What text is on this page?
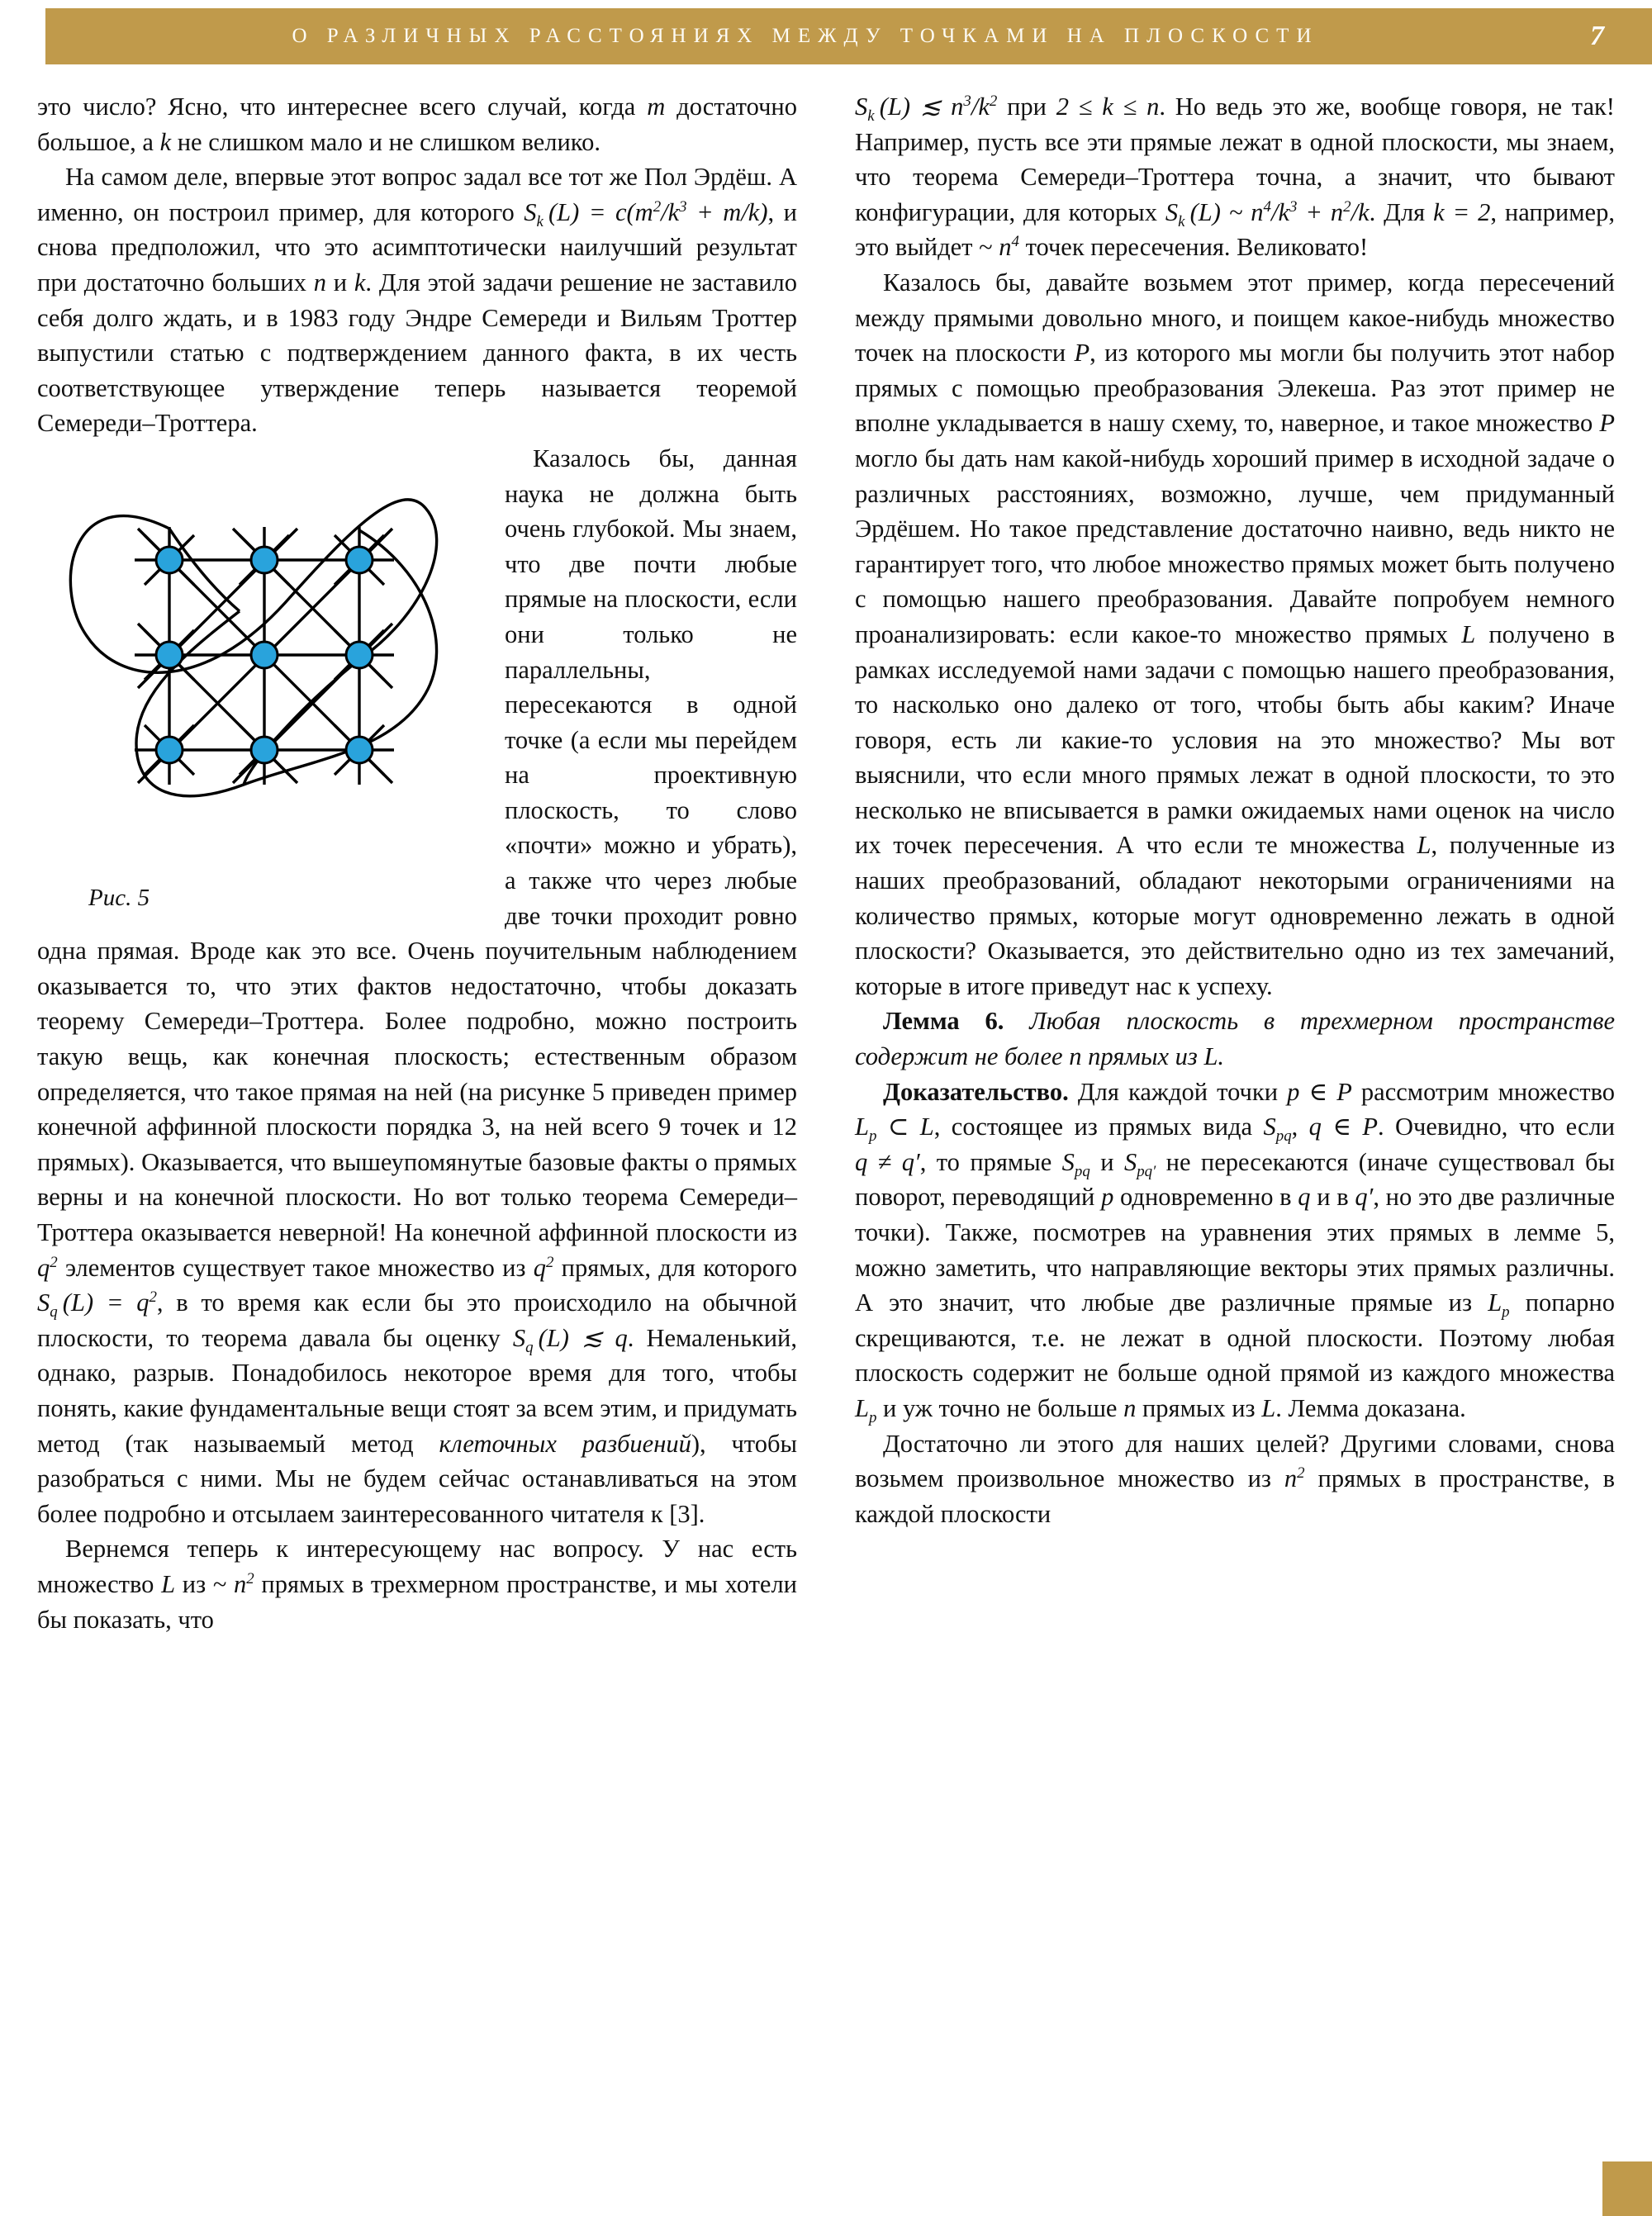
О РАЗЛИЧНЫХ РАССТОЯНИЯХ МЕЖДУ ТОЧКАМИ НА ПЛОСКОСТИ	7

это число? Ясно, что интереснее всего случай, когда m достаточно большое, а k не слишком мало и не слишком велико.

На самом деле, впервые этот вопрос задал все тот же Пол Эрдёш. А именно, он построил пример, для которого $S_k$ $(L) = c(m^2/k^3 + m/k)$, и снова предположил, что это асимптотически наилучший результат при достаточно больших n и k. Для этой задачи решение не заставило себя долго ждать, и в 1983 году Эндре Семереди и Вильям Троттер выпустили статью с подтверждением данного факта, в их честь соответствующее утверждение теперь называется теоремой Семереди–Троттера.

Рис. 5
Казалось бы, данная наука не должна быть очень глубокой. Мы знаем, что две почти любые прямые на плоскости, если они только не параллельны, пересекаются в одной точке (а если мы перейдем на проективную плоскость, то слово «почти» можно и убрать), а также что через любые две точки проходит ровно одна прямая. Вроде как это все. Очень поучительным наблюдением оказывается то, что этих фактов недостаточно, чтобы доказать теорему Семереди–Троттера. Более подробно, можно построить такую вещь, как конечная плоскость; естественным образом определяется, что такое прямая на ней (на рисунке 5 приведен пример конечной аффинной плоскости порядка 3, на ней всего 9 точек и 12 прямых). Оказывается, что вышеупомянутые базовые факты о прямых верны и на конечной плоскости. Но вот только теорема Семереди–Троттера оказывается неверной! На конечной аффинной плоскости из $q^2$ элементов существует такое множество из $q^2$ прямых, для которого $S_q$ $(L) = q^2$, в то время как если бы это происходило на обычной плоскости, то теорема давала бы оценку $S_q$ (L) ≲ q. Немаленький, однако, разрыв. Понадобилось некоторое время для того, чтобы понять, какие фундаментальные вещи стоят за всем этим, и придумать метод (так называемый метод клеточных разбиений), чтобы разобраться с ними. Мы не будем сейчас останавливаться на этом более подробно и отсылаем заинтересованного читателя к [3].

Вернемся теперь к интересующему нас вопросу. У нас есть множество L из ~ $n^2$ прямых в трехмерном пространстве, и мы хотели бы показать, что

$S_k$ (L) ≲ $n^3/k^2$ при 2 ≤ k ≤ n. Но ведь это же, вообще говоря, не так! Например, пусть все эти прямые лежат в одной плоскости, мы знаем, что теорема Семереди–Троттера точна, а значит, что бывают конфигурации, для которых $S_k$ (L) ~ $n^4/k^3 + n^2/k$. Для k = 2, например, это выйдет ~ $n^4$ точек пересечения. Великовато!

Казалось бы, давайте возьмем этот пример, когда пересечений между прямыми довольно много, и поищем какое-нибудь множество точек на плоскости P, из которого мы могли бы получить этот набор прямых с помощью преобразования Элекеша. Раз этот пример не вполне укладывается в нашу схему, то, наверное, и такое множество P могло бы дать нам какой-нибудь хороший пример в исходной задаче о различных расстояниях, возможно, лучше, чем придуманный Эрдёшем. Но такое представление достаточно наивно, ведь никто не гарантирует того, что любое множество прямых может быть получено с помощью нашего преобразования. Давайте попробуем немного проанализировать: если какое-то множество прямых L получено в рамках исследуемой нами задачи с помощью нашего преобразования, то насколько оно далеко от того, чтобы быть абы каким? Иначе говоря, есть ли какие-то условия на это множество? Мы вот выяснили, что если много прямых лежат в одной плоскости, то это несколько не вписывается в рамки ожидаемых нами оценок на число их точек пересечения. А что если те множества L, полученные из наших преобразований, обладают некоторыми ограничениями на количество прямых, которые могут одновременно лежать в одной плоскости? Оказывается, это действительно одно из тех замечаний, которые в итоге приведут нас к успеху.

Лемма 6. Любая плоскость в трехмерном пространстве содержит не более n прямых из L.

Доказательство. Для каждой точки p ∈ P рассмотрим множество $L_p$ ⊂ L, состоящее из прямых вида $S_{pq}$, q ∈ P. Очевидно, что если q ≠ q′, то прямые $S_{pq}$ и $S_{pq'}$ не пересекаются (иначе существовал бы поворот, переводящий p одновременно в q и в q′, но это две различные точки). Также, посмотрев на уравнения этих прямых в лемме 5, можно заметить, что направляющие векторы этих прямых различны. А это значит, что любые две различные прямые из $L_p$ попарно скрещиваются, т.е. не лежат в одной плоскости. Поэтому любая плоскость содержит не больше одной прямой из каждого множества $L_p$ и уж точно не больше n прямых из L. Лемма доказана.

Достаточно ли этого для наших целей? Другими словами, снова возьмем произвольное множество из $n^2$ прямых в пространстве, в каждой плоскости
